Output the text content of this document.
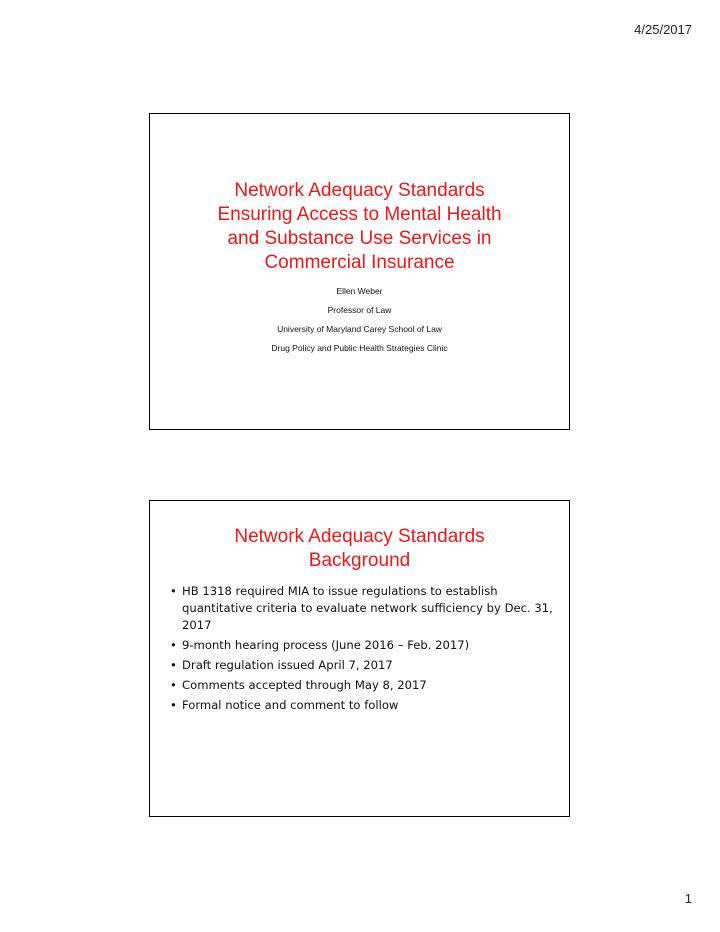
4/25/2017
Network Adequacy Standards
Ensuring Access to Mental Health
and Substance Use Services in
Commercial Insurance
Ellen Weber
Professor of Law
University of Maryland Carey School of Law
Drug Policy and Public Health Strategies Clinic
Network Adequacy Standards
Background
• HB 1318 required MIA to issue regulations to establish quantitative criteria to evaluate network sufficiency by Dec. 31, 2017
• 9-month hearing process (June 2016 – Feb. 2017)
• Draft regulation issued April 7, 2017
• Comments accepted through May 8, 2017
• Formal notice and comment to follow
1
